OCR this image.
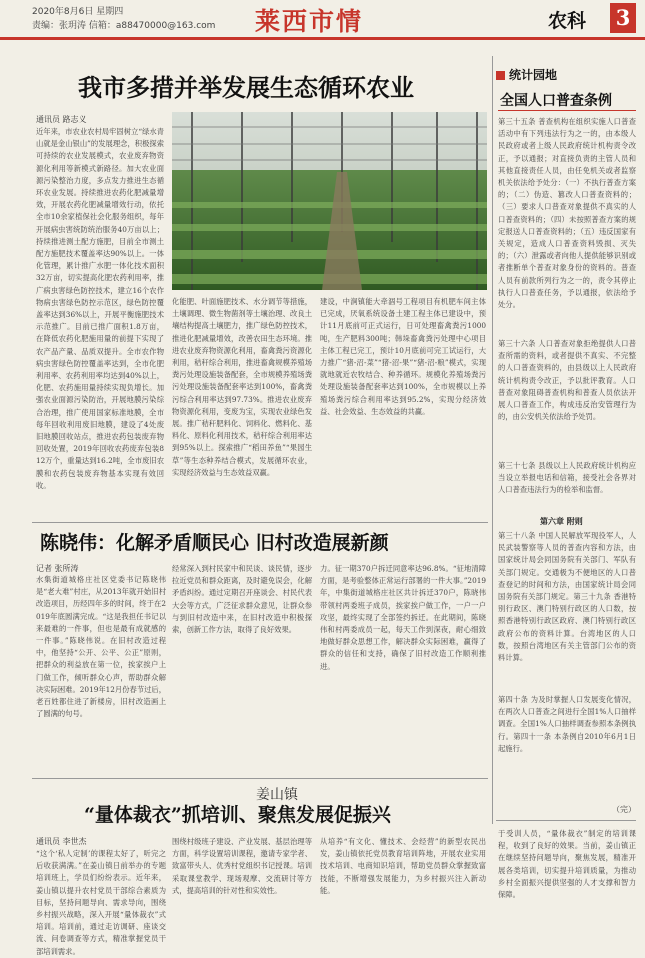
2020年8月6日 星期四
责编：张玥涛 信箱：a88470000@163.com 莱西市情	农科 3
我市多措并举发展生态循环农业
通讯员 路志义
近年来，市农业农村局牢固树立“绿水青山就是金山银山”的发展理念，积极探索可持续的农业发展模式，农业废弃物资源化利用等新模式新路径。加大农业面源污染整治力度，多点发力推进生态循环农业发展。持续推进农药化肥减量增效，开展农药化肥减量增效行动，依托全市10余家植保社会化服务组织，每年开展病虫害统防统治服务40万亩以上；持续推进测土配方施肥，目前全市测土配方施肥技术覆盖率达90%以上。一体化管理，累计推广水肥一体化技术面积32万亩，切实提高化肥农药利用率，推广病虫害绿色防控技术，建立16个农作物病虫害绿色防控示范区，绿色防控覆盖率达到36%以上，开展平衡施肥技术示范推广。目前已推广面积1.8万亩，在降低农药化肥施用量的前提下实现了农产品产量、品质双提升。全市农作物病虫害绿色防控覆盖率达到，全市化肥利用率、农药利用率均达到40%以上，化肥、农药施用量持续实现负增长。加强农业面源污染防治，开展地膜污染综合治理，推广使用国家标准地膜，全市每年回收利用废旧地膜，建设了4处废旧地膜回收站点，推进农药包装废弃物回收处置，2019年回收农药废弃包装812万个，重量达到16.2吨，全市废旧农膜和农药包装废弃物基本实现有效回收。
化能肥、叶面施肥技术、水分调节等措施，土壤调理、微生物菌剂等土壤治理、改良土壤结构提高土壤肥力，推广绿色防控技术，推进化肥减量增效，改善农田生态环境。推进农业废弃物资源化利用，畜禽粪污资源化利用，秸秆综合利用，推进畜禽规模养殖场粪污处理设施装备配套，全市规模养殖场粪污处理设施装备配套率达到100%，畜禽粪污综合利用率达到97.73%。推进农业废弃物资源化利用，变废为宝，实现农业绿色发展。推广秸秆肥料化、饲料化、燃料化、基料化、原料化利用技术，秸秆综合利用率达到95%以上。探索推广“稻田养鱼”“果园生草”等生态种养结合模式，发展循环农业，实现经济效益与生态效益双赢。
建设，中涧镇能大牵涸号工程项目有机肥车间主体已完成，厌氧系统设备土建工程主体已建设中，预计11月底前可正式运行，日可处理畜禽粪污1000吨，生产肥料300吨；韩垛畜禽粪污处理中心项目主体工程已完工，预计10月底前可完工试运行，大力推广“猪-沼-菜”“猪-沼-果”“猪-沼-粮”模式，实现就地就近农牧结合、种养循环。规模化养殖场粪污处理设施装备配套率达到100%，全市规模以上养殖场粪污综合利用率达到95.2%，实现分经济效益、社会效益、生态效益的共赢。
陈晓伟：化解矛盾顺民心 旧村改造展新颜
记者 张所涛
水集街道城格庄社区党委书记陈晓伟是“老大难”村庄，从2013年就开始旧村改造项目，历经四年多的时间，终于在2019年底圆满完成。“这是我担任书记以来最难的一件事，但也是最有成就感的一件事。”陈晓伟说。在旧村改造过程中，他坚持“公开、公平、公正”原则，把群众的利益放在第一位，挨家挨户上门做工作，倾听群众心声，帮助群众解决实际困难。2019年12月份春节过后，老百姓都住进了新楼房，旧村改造画上了圆满的句号。
经常深入到村民家中和民谈、谈民情，逐步拉近党员和群众距离，及时避免误会，化解矛盾纠纷。通过定期召开座谈会、村民代表大会等方式，广泛征求群众意见，让群众参与到旧村改造中来，在旧村改造中积极探索，创新工作方法，取得了良好效果。
力。征一期370户拆迁同意率达96.8%。“征地清障方面，是考验整体正常运行部署的一件大事。”2019年，中集街道城格庄社区共计拆迁370户，陈晓伟带领村两委班子成员，挨家挨户做工作，一户一户攻坚，最终实现了全部签约拆迁。在此期间，陈晓伟和村两委成员一起，每天工作到深夜，耐心细致地做好群众思想工作，解决群众实际困难，赢得了群众的信任和支持，确保了旧村改造工作顺利推进。
姜山镇
“量体裁衣”抓培训、聚焦发展促振兴
通讯员 李世杰
“这个‘私人定制’的课程太好了，听完之后收获满满。”在姜山镇日前举办的专题培训班上，学员们纷纷表示。近年来，姜山镇以提升农村党员干部综合素质为目标，坚持问题导向、需求导向，围绕乡村振兴战略，深入开展“量体裁衣”式培训。培训前，通过走访调研、座谈交流、问卷调查等方式，精准掌握党员干部培训需求。
围绕村级班子建设、产业发展、基层治理等方面，科学设置培训课程，邀请专家学者、致富带头人、优秀村党组织书记授课。培训采取课堂教学、现场观摩、交流研讨等方式，提高培训的针对性和实效性。
从培养“有文化、懂技术、会经营”的新型农民出发，姜山镇依托党员教育培训阵地，开展农业实用技术培训、电商知识培训，帮助党员群众掌握致富技能，不断增强发展能力，为乡村振兴注入新动能。
于受训人员，“量体裁衣”制定的培训课程，收到了良好的效果。当前，姜山镇正在继续坚持问题导向，聚焦发展，精准开展各类培训，切实提升培训质量，为推动乡村全面振兴提供坚强的人才支撑和智力保障。
统计园地
全国人口普查条例
第三十五条 普查机构在组织实施人口普查活动中有下列违法行为之一的，由本级人民政府或者上级人民政府统计机构责令改正，予以通报；对直接负责的主管人员和其他直接责任人员，由任免机关或者监察机关依法给予处分：（一）不执行普查方案的；（二）伪造、篡改人口普查资料的；（三）要求人口普查对象提供不真实的人口普查资料的；（四）未按照普查方案的规定报送人口普查资料的；（五）违反国家有关规定，造成人口普查资料毁损、灭失的；（六）泄露或者向他人提供能够识别或者推断单个普查对象身份的资料的。普查人员有前款所列行为之一的，责令其停止执行人口普查任务，予以通报，依法给予处分。
第三十六条 人口普查对象拒绝提供人口普查所需的资料，或者提供不真实、不完整的人口普查资料的，由县级以上人民政府统计机构责令改正，予以批评教育。人口普查对象阻碍普查机构和普查人员依法开展人口普查工作，构成违反治安管理行为的，由公安机关依法给予处罚。
第三十七条 县级以上人民政府统计机构应当设立举报电话和信箱，接受社会各界对人口普查违法行为的检举和监督。
第六章 附则
第三十八条 中国人民解放军现役军人，人民武装警察等人员的普查内容和方法，由国家统计局会同国务院有关部门、军队有关部门规定。交通极为不便地区的人口普查登记的时间和方法，由国家统计局会同国务院有关部门规定。第三十九条 香港特别行政区、澳门特别行政区的人口数，按照香港特别行政区政府、澳门特别行政区政府公布的资料计算。台湾地区的人口数，按照台湾地区有关主管部门公布的资料计算。
第四十条 为及时掌握人口发展变化情况，在两次人口普查之间进行全国1%人口抽样调查。全国1%人口抽样调查参照本条例执行。第四十一条 本条例自2010年6月1日起施行。
（完）
